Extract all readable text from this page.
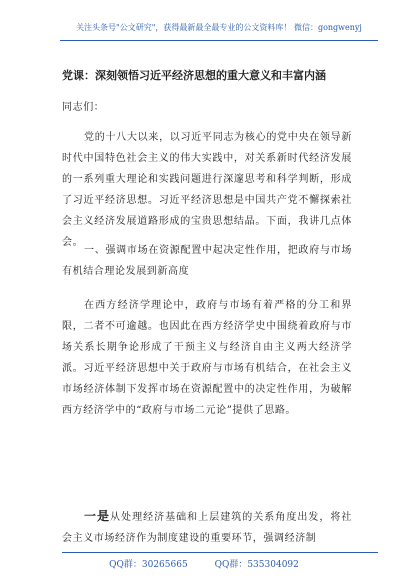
关注头条号"公文研究"，获得最新最全最专业的公文资料库！ 微信：gongwenyj
党课：深刻领悟习近平经济思想的重大意义和丰富内涵

同志们：

党的十八大以来，以习近平同志为核心的党中央在领导新时代中国特色社会主义的伟大实践中，对关系新时代经济发展的一系列重大理论和实践问题进行深邃思考和科学判断，形成了习近平经济思想。习近平经济思想是中国共产党不懈探索社会主义经济发展道路形成的宝贵思想结晶。下面，我讲几点体会。

一、强调市场在资源配置中起决定性作用，把政府与市场有机结合理论发展到新高度

在西方经济学理论中，政府与市场有着严格的分工和界限，二者不可逾越。也因此在西方经济学史中围绕着政府与市场关系长期争论形成了干预主义与经济自由主义两大经济学派。习近平经济思想中关于政府与市场有机结合，在社会主义市场经济体制下发挥市场在资源配置中的决定性作用，为破解西方经济学中的“政府与市场二元论”提供了思路。

一是从处理经济基础和上层建筑的关系角度出发，将社会主义市场经济作为制度建设的重要环节，强调经济制

QQ群：30265665	QQ群：535304092
